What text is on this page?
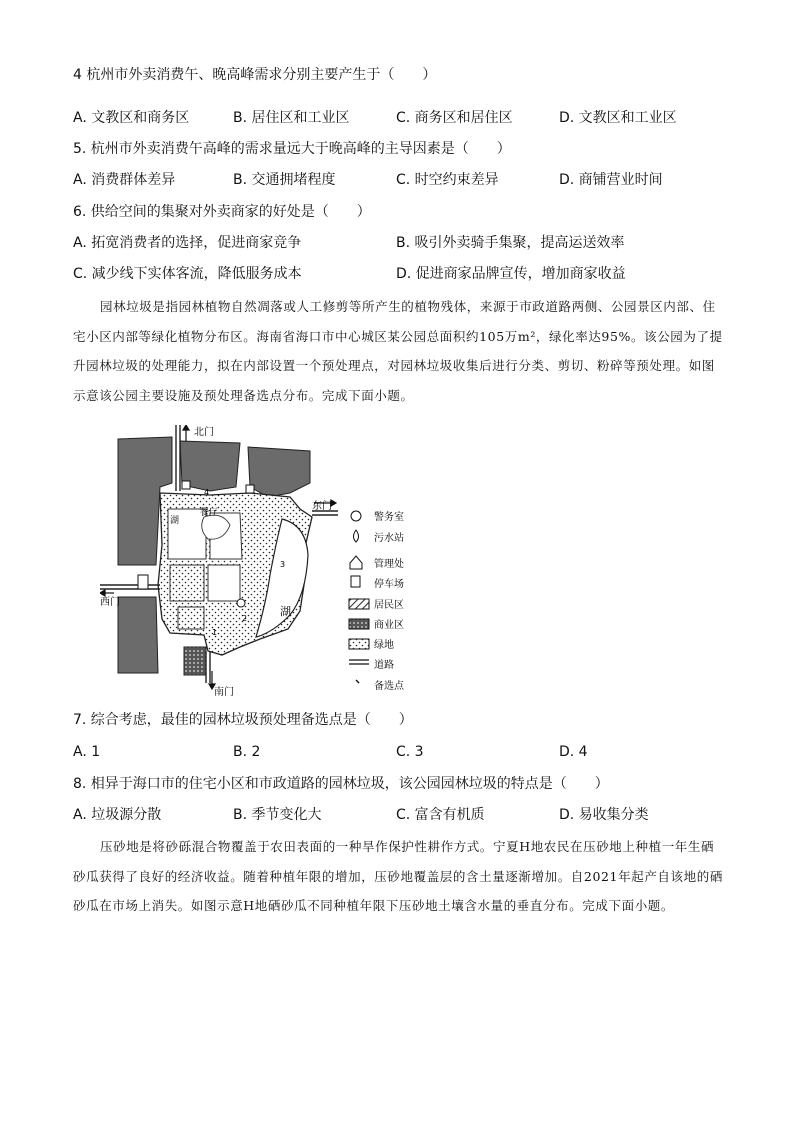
4 杭州市外卖消费午、晚高峰需求分别主要产生于（　　）
A. 文教区和商务区	B. 居住区和工业区	C. 商务区和居住区	D. 文教区和工业区
5. 杭州市外卖消费午高峰的需求量远大于晚高峰的主导因素是（　　）
A. 消费群体差异	B. 交通拥堵程度	C. 时空约束差异	D. 商铺营业时间
6. 供给空间的集聚对外卖商家的好处是（　　）
A. 拓宽消费者的选择，促进商家竞争	B. 吸引外卖骑手集聚，提高运送效率
C. 减少线下实体客流，降低服务成本	D. 促进商家品牌宣传，增加商家收益
园林垃圾是指园林植物自然凋落或人工修剪等所产生的植物残体，来源于市政道路两侧、公园景区内部、住宅小区内部等绿化植物分布区。海南省海口市中心城区某公园总面积约105万m²，绿化率达95%。该公园为了提升园林垃圾的处理能力，拟在内部设置一个预处理点，对园林垃圾收集后进行分类、剪切、粉碎等预处理。如图示意该公园主要设施及预处理备选点分布。完成下面小题。
北门
东门
西门
南门
湖
湖
餐厅
1
2
3
4
警务室
污水站
管理处
停车场
居民区
商业区
绿地
道路
备选点
7. 综合考虑，最佳的园林垃圾预处理备选点是（　　）
A. 1	B. 2	C. 3	D. 4
8. 相异于海口市的住宅小区和市政道路的园林垃圾，该公园园林垃圾的特点是（　　）
A. 垃圾源分散	B. 季节变化大	C. 富含有机质	D. 易收集分类
压砂地是将砂砾混合物覆盖于农田表面的一种旱作保护性耕作方式。宁夏H地农民在压砂地上种植一年生硒砂瓜获得了良好的经济收益。随着种植年限的增加，压砂地覆盖层的含土量逐渐增加。自2021年起产自该地的硒砂瓜在市场上消失。如图示意H地硒砂瓜不同种植年限下压砂地土壤含水量的垂直分布。完成下面小题。
